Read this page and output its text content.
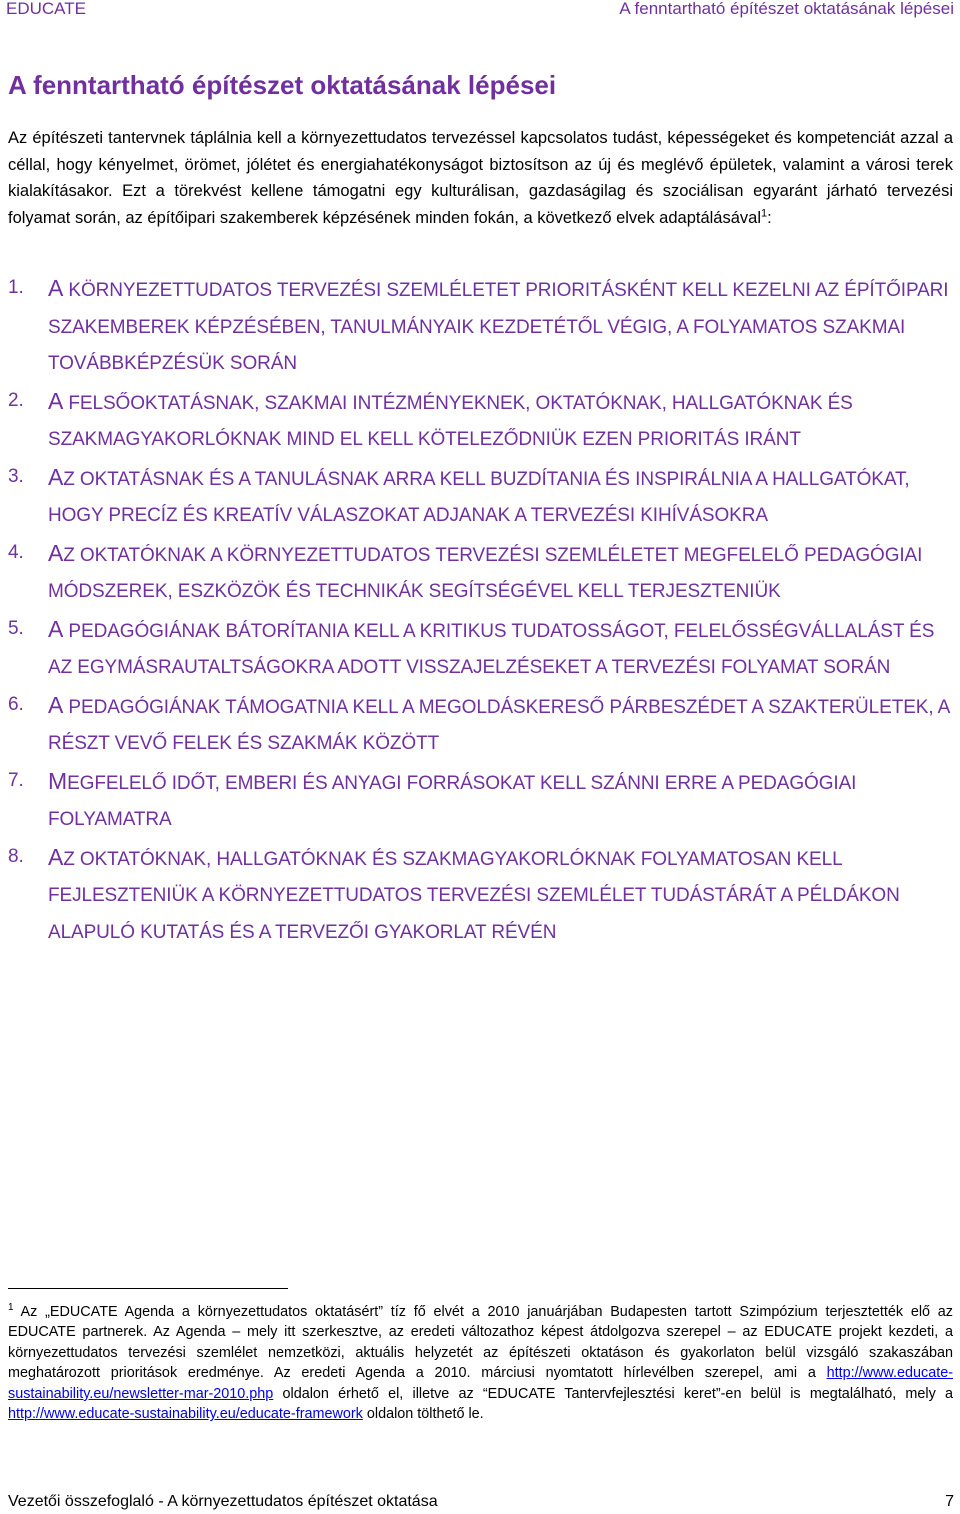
EDUCATE	A fenntartható építészet oktatásának lépései
A fenntartható építészet oktatásának lépései

Az építészeti tantervnek táplálnia kell a környezettudatos tervezéssel kapcsolatos tudást, képességeket és kompetenciát azzal a céllal, hogy kényelmet, örömet, jólétet és energiahatékonyságot biztosítson az új és meglévő épületek, valamint a városi terek kialakításakor. Ezt a törekvést kellene támogatni egy kulturálisan, gazdaságilag és szociálisan egyaránt járható tervezési folyamat során, az építőipari szakemberek képzésének minden fokán, a következő elvek adaptálásával$^1$:

1. A KÖRNYEZETTUDATOS TERVEZÉSI SZEMLÉLETET PRIORITÁSKÉNT KELL KEZELNI AZ ÉPÍTŐIPARI SZAKEMBEREK KÉPZÉSÉBEN, TANULMÁNYAIK KEZDETÉTŐL VÉGIG, A FOLYAMATOS SZAKMAI TOVÁBBKÉPZÉSÜK SORÁN
2. A FELSŐOKTATÁSNAK, SZAKMAI INTÉZMÉNYEKNEK, OKTATÓKNAK, HALLGATÓKNAK ÉS SZAKMAGYAKORLÓKNAK MIND EL KELL KÖTELEZŐDNIÜK EZEN PRIORITÁS IRÁNT
3. AZ OKTATÁSNAK ÉS A TANULÁSNAK ARRA KELL BUZDÍTANIA ÉS INSPIRÁLNIA A HALLGATÓKAT, HOGY PRECÍZ ÉS KREATÍV VÁLASZOKAT ADJANAK A TERVEZÉSI KIHÍVÁSOKRA
4. AZ OKTATÓKNAK A KÖRNYEZETTUDATOS TERVEZÉSI SZEMLÉLETET MEGFELELŐ PEDAGÓGIAI MÓDSZEREK, ESZKÖZÖK ÉS TECHNIKÁK SEGÍTSÉGÉVEL KELL TERJESZTENIÜK
5. A PEDAGÓGIÁNAK BÁTORÍTANIA KELL A KRITIKUS TUDATOSSÁGOT, FELELŐSSÉGVÁLLALÁST ÉS AZ EGYMÁSRAUTALTSÁGOKRA ADOTT VISSZAJELZÉSEKET A TERVEZÉSI FOLYAMAT SORÁN
6. A PEDAGÓGIÁNAK TÁMOGATNIA KELL A MEGOLDÁSKERESŐ PÁRBESZÉDET A SZAKTERÜLETEK, A RÉSZT VEVŐ FELEK ÉS SZAKMÁK KÖZÖTT
7. MEGFELELŐ IDŐT, EMBERI ÉS ANYAGI FORRÁSOKAT KELL SZÁNNI ERRE A PEDAGÓGIAI FOLYAMATRA
8. AZ OKTATÓKNAK, HALLGATÓKNAK ÉS SZAKMAGYAKORLÓKNAK FOLYAMATOSAN KELL FEJLESZTENIÜK A KÖRNYEZETTUDATOS TERVEZÉSI SZEMLÉLET TUDÁSTÁRÁT A PÉLDÁKON ALAPULÓ KUTATÁS ÉS A TERVEZŐI GYAKORLAT RÉVÉN

$^1$ Az „EDUCATE Agenda a környezettudatos oktatásért” tíz fő elvét a 2010 januárjában Budapesten tartott Szimpózium terjesztették elő az EDUCATE partnerek. Az Agenda – mely itt szerkesztve, az eredeti változathoz képest átdolgozva szerepel – az EDUCATE projekt kezdeti, a környezettudatos tervezési szemlélet nemzetközi, aktuális helyzetét az építészeti oktatáson és gyakorlaton belül vizsgáló szakaszában meghatározott prioritások eredménye. Az eredeti Agenda a 2010. márciusi nyomtatott hírlevélben szerepel, ami a http://www.educate-sustainability.eu/newsletter-mar-2010.php oldalon érhető el, illetve az “EDUCATE Tantervfejlesztési keret”-en belül is megtalálható, mely a http://www.educate-sustainability.eu/educate-framework oldalon tölthető le.

Vezetői összefoglaló - A környezettudatos építészet oktatása	7
